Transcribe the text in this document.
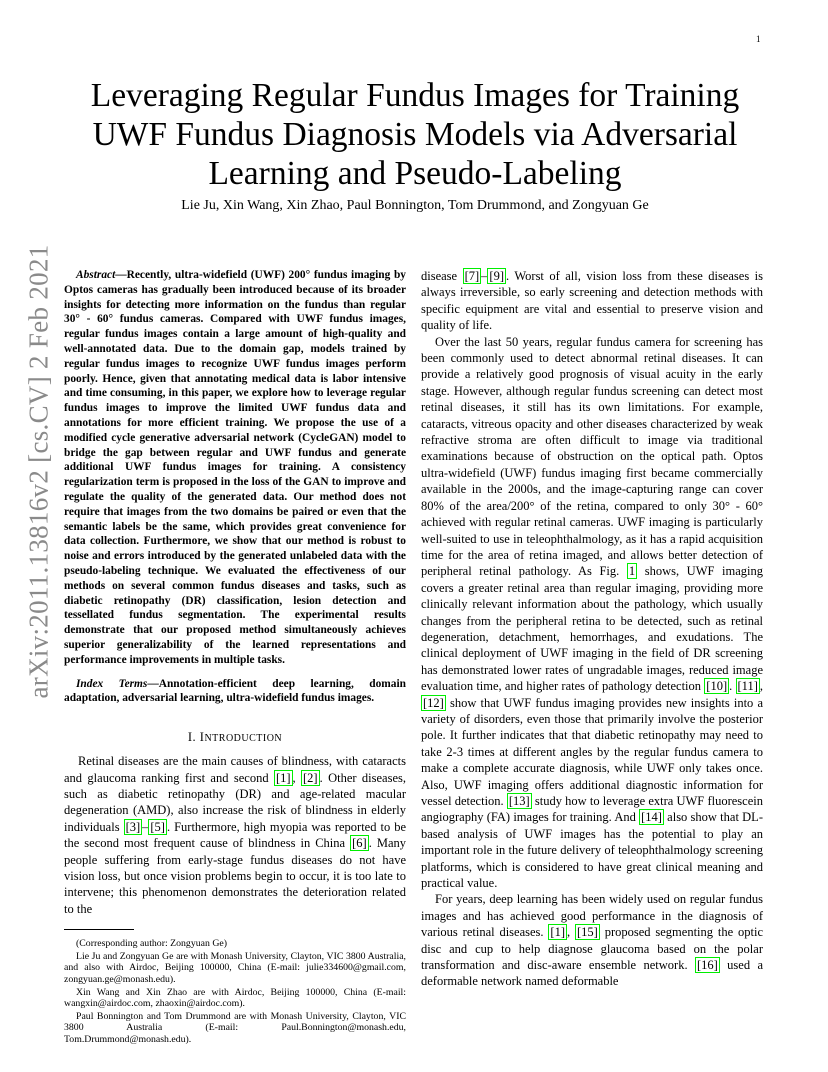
1
arXiv:2011.13816v2 [cs.CV] 2 Feb 2021
Leveraging Regular Fundus Images for Training
UWF Fundus Diagnosis Models via Adversarial
Learning and Pseudo-Labeling
Lie Ju, Xin Wang, Xin Zhao, Paul Bonnington, Tom Drummond, and Zongyuan Ge

Abstract—Recently, ultra-widefield (UWF) 200° fundus imaging by Optos cameras has gradually been introduced because of its broader insights for detecting more information on the fundus than regular 30° - 60° fundus cameras. Compared with UWF fundus images, regular fundus images contain a large amount of high-quality and well-annotated data. Due to the domain gap, models trained by regular fundus images to recognize UWF fundus images perform poorly. Hence, given that annotating medical data is labor intensive and time consuming, in this paper, we explore how to leverage regular fundus images to improve the limited UWF fundus data and annotations for more efficient training. We propose the use of a modified cycle generative adversarial network (CycleGAN) model to bridge the gap between regular and UWF fundus and generate additional UWF fundus images for training. A consistency regularization term is proposed in the loss of the GAN to improve and regulate the quality of the generated data. Our method does not require that images from the two domains be paired or even that the semantic labels be the same, which provides great convenience for data collection. Furthermore, we show that our method is robust to noise and errors introduced by the generated unlabeled data with the pseudo-labeling technique. We evaluated the effectiveness of our methods on several common fundus diseases and tasks, such as diabetic retinopathy (DR) classification, lesion detection and tessellated fundus segmentation. The experimental results demonstrate that our proposed method simultaneously achieves superior generalizability of the learned representations and performance improvements in multiple tasks.

Index Terms—Annotation-efficient deep learning, domain adaptation, adversarial learning, ultra-widefield fundus images.

I. INTRODUCTION

Retinal diseases are the main causes of blindness, with cataracts and glaucoma ranking first and second [1] , [2] . Other diseases, such as diabetic retinopathy (DR) and age-related macular degeneration (AMD), also increase the risk of blindness in elderly individuals [3] – [5] . Furthermore, high myopia was reported to be the second most frequent cause of blindness in China [6] . Many people suffering from early-stage fundus diseases do not have vision loss, but once vision problems begin to occur, it is too late to intervene; this phenomenon demonstrates the deterioration related to the

(Corresponding author: Zongyuan Ge)

Lie Ju and Zongyuan Ge are with Monash University, Clayton, VIC 3800 Australia, and also with Airdoc, Beijing 100000, China (E-mail: julie334600@gmail.com, zongyuan.ge@monash.edu).

Xin Wang and Xin Zhao are with Airdoc, Beijing 100000, China (E-mail: wangxin@airdoc.com, zhaoxin@airdoc.com).

Paul Bonnington and Tom Drummond are with Monash University, Clayton, VIC 3800 Australia (E-mail: Paul.Bonnington@monash.edu, Tom.Drummond@monash.edu).

disease [7] – [9] . Worst of all, vision loss from these diseases is always irreversible, so early screening and detection methods with specific equipment are vital and essential to preserve vision and quality of life.

Over the last 50 years, regular fundus camera for screening has been commonly used to detect abnormal retinal diseases. It can provide a relatively good prognosis of visual acuity in the early stage. However, although regular fundus screening can detect most retinal diseases, it still has its own limitations. For example, cataracts, vitreous opacity and other diseases characterized by weak refractive stroma are often difficult to image via traditional examinations because of obstruction on the optical path. Optos ultra-widefield (UWF) fundus imaging first became commercially available in the 2000s, and the image-capturing range can cover 80% of the area/200° of the retina, compared to only 30° - 60° achieved with regular retinal cameras. UWF imaging is particularly well-suited to use in teleophthalmology, as it has a rapid acquisition time for the area of retina imaged, and allows better detection of peripheral retinal pathology. As Fig. 1 shows, UWF imaging covers a greater retinal area than regular imaging, providing more clinically relevant information about the pathology, which usually changes from the peripheral retina to be detected, such as retinal degeneration, detachment, hemorrhages, and exudations. The clinical deployment of UWF imaging in the field of DR screening has demonstrated lower rates of ungradable images, reduced image evaluation time, and higher rates of pathology detection [10] . [11] , [12] show that UWF fundus imaging provides new insights into a variety of disorders, even those that primarily involve the posterior pole. It further indicates that that diabetic retinopathy may need to take 2-3 times at different angles by the regular fundus camera to make a complete accurate diagnosis, while UWF only takes once. Also, UWF imaging offers additional diagnostic information for vessel detection. [13] study how to leverage extra UWF fluorescein angiography (FA) images for training. And [14] also show that DL-based analysis of UWF images has the potential to play an important role in the future delivery of teleophthalmology screening platforms, which is considered to have great clinical meaning and practical value.

For years, deep learning has been widely used on regular fundus images and has achieved good performance in the diagnosis of various retinal diseases. [1] , [15] proposed segmenting the optic disc and cup to help diagnose glaucoma based on the polar transformation and disc-aware ensemble network. [16] used a deformable network named deformable
